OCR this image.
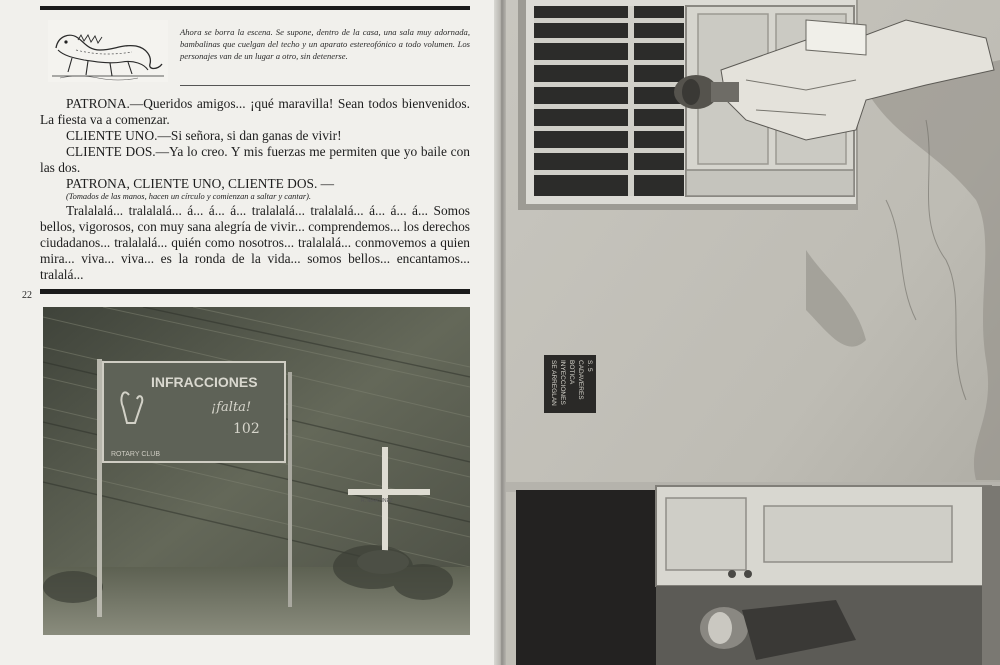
Ahora se borra la escena. Se supone, dentro de la casa, una sala muy adornada, bambalinas que cuelgan del techo y un aparato estereofónico a todo volumen. Los personajes van de un lugar a otro, sin detenerse.

PATRONA.—Queridos amigos... ¡qué maravilla! Sean todos bienvenidos. La fiesta va a comenzar.

CLIENTE UNO.—Si señora, si dan ganas de vivir!

CLIENTE DOS.—Ya lo creo. Y mis fuerzas me permiten que yo baile con las dos.

PATRONA, CLIENTE UNO, CLIENTE DOS. —

(Tomados de las manos, hacen un círculo y comienzan a saltar y cantar).

Tralalalá... tralalalá... á... á... á... tralalalá... tralalalá... á... á... á... Somos bellos, vigorosos, con muy sana alegría de vivir... comprendemos... los derechos ciudadanos... tralalalá... quién como nosotros... tralalalá... conmovemos a quien mira... viva... viva... es la ronda de la vida... somos bellos... encantamos... tralalá...

22
INFRACCIONES
¡falta!
102
ROTARY CLUB
R. MARTINEZ
SE ARREGLAN INYECCIONES BOTICA CADAVERES S. 5
